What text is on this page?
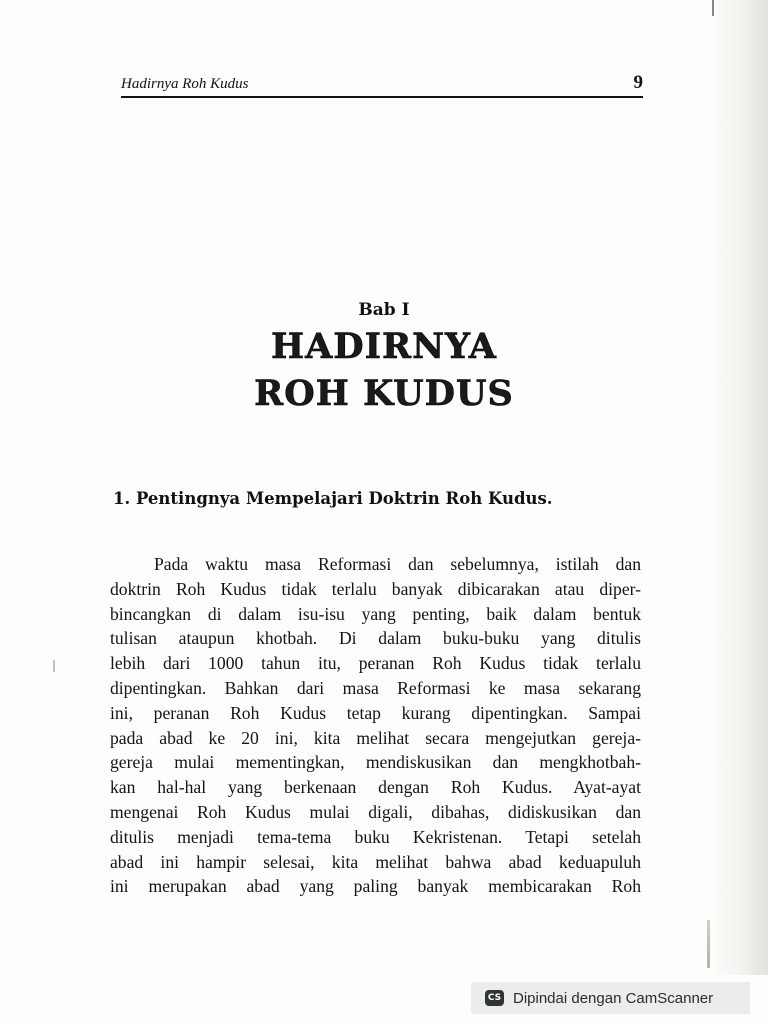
Hadirnya Roh Kudus	9
Bab I
HADIRNYA
ROH KUDUS
1. Pentingnya Mempelajari Doktrin Roh Kudus.
Pada waktu masa Reformasi dan sebelumnya, istilah dan
doktrin Roh Kudus tidak terlalu banyak dibicarakan atau diper-
bincangkan di dalam isu-isu yang penting, baik dalam bentuk
tulisan ataupun khotbah. Di dalam buku-buku yang ditulis
lebih dari 1000 tahun itu, peranan Roh Kudus tidak terlalu
dipentingkan. Bahkan dari masa Reformasi ke masa sekarang
ini, peranan Roh Kudus tetap kurang dipentingkan. Sampai
pada abad ke 20 ini, kita melihat secara mengejutkan gereja-
gereja mulai mementingkan, mendiskusikan dan mengkhotbah-
kan hal-hal yang berkenaan dengan Roh Kudus. Ayat-ayat
mengenai Roh Kudus mulai digali, dibahas, didiskusikan dan
ditulis menjadi tema-tema buku Kekristenan. Tetapi setelah
abad ini hampir selesai, kita melihat bahwa abad keduapuluh
ini merupakan abad yang paling banyak membicarakan Roh
CS Dipindai dengan CamScanner
